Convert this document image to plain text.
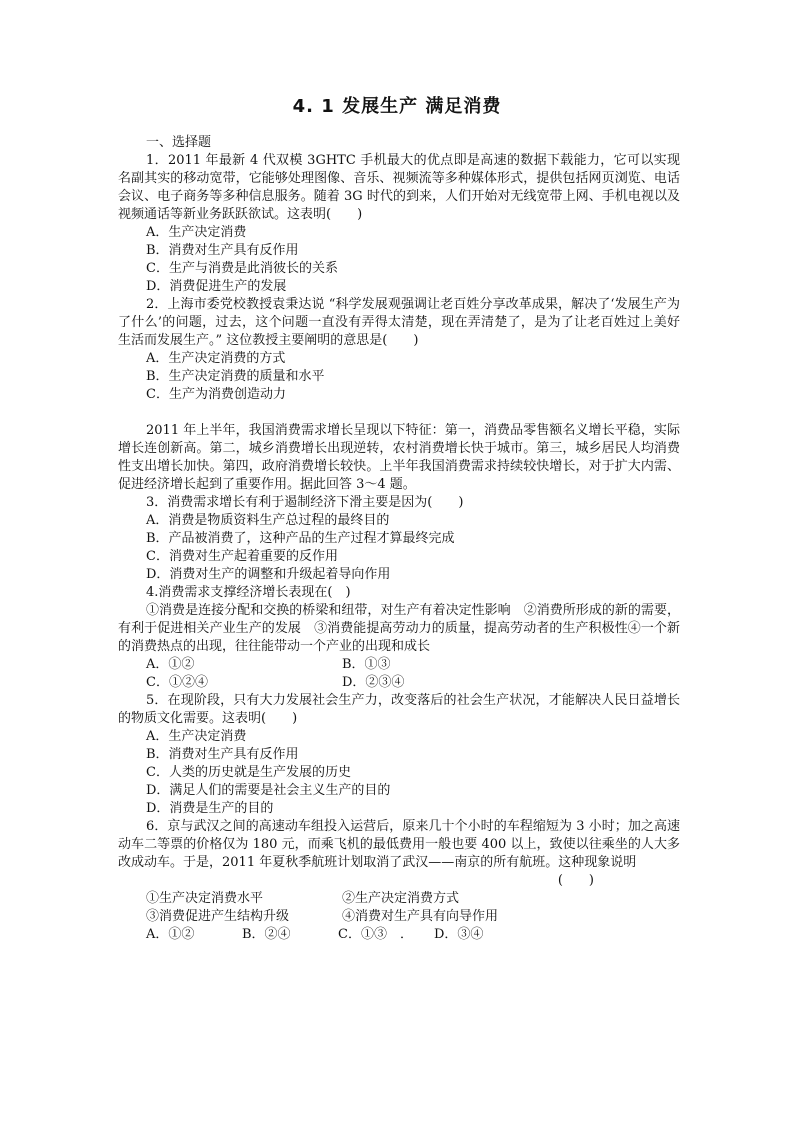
4. 1 发展生产 满足消费
一、选择题
1．2011 年最新 4 代双模 3GHTC 手机最大的优点即是高速的数据下载能力，它可以实现名副其实的移动宽带，它能够处理图像、音乐、视频流等多种媒体形式，提供包括网页浏览、电话会议、电子商务等多种信息服务。随着 3G 时代的到来，人们开始对无线宽带上网、手机电视以及视频通话等新业务跃跃欲试。这表明(　　)
A．生产决定消费
B．消费对生产具有反作用
C．生产与消费是此消彼长的关系
D．消费促进生产的发展
2．上海市委党校教授袁秉达说 “科学发展观强调让老百姓分享改革成果，解决了‘发展生产为了什么’的问题，过去，这个问题一直没有弄得太清楚，现在弄清楚了，是为了让老百姓过上美好生活而发展生产。” 这位教授主要阐明的意思是(　　)
A．生产决定消费的方式
B．生产决定消费的质量和水平
C．生产为消费创造动力
2011 年上半年，我国消费需求增长呈现以下特征：第一，消费品零售额名义增长平稳，实际增长连创新高。第二，城乡消费增长出现逆转，农村消费增长快于城市。第三，城乡居民人均消费性支出增长加快。第四，政府消费增长较快。上半年我国消费需求持续较快增长，对于扩大内需、促进经济增长起到了重要作用。据此回答 3～4 题。
3．消费需求增长有利于遏制经济下滑主要是因为(　　)
A．消费是物质资料生产总过程的最终目的
B．产品被消费了，这种产品的生产过程才算最终完成
C．消费对生产起着重要的反作用
D．消费对生产的调整和升级起着导向作用
4.消费需求支撑经济增长表现在(　)
①消费是连接分配和交换的桥梁和纽带，对生产有着决定性影响　②消费所形成的新的需要，有利于促进相关产业生产的发展　③消费能提高劳动力的质量，提高劳动者的生产积极性④一个新的消费热点的出现，往往能带动一个产业的出现和成长
A．①②	B．①③
C．①②④	D．②③④
5．在现阶段，只有大力发展社会生产力，改变落后的社会生产状况，才能解决人民日益增长的物质文化需要。这表明(　　)
A．生产决定消费
B．消费对生产具有反作用
C．人类的历史就是生产发展的历史
D．满足人们的需要是社会主义生产的目的
D．消费是生产的目的
6．京与武汉之间的高速动车组投入运营后，原来几十个小时的车程缩短为 3 小时；加之高速动车二等票的价格仅为 180 元，而乘飞机的最低费用一般也要 400 以上，致使以往乘坐的人大多改成动车。于是，2011 年夏秋季航班计划取消了武汉——南京的所有航班。这种现象说明
(　　)
①生产决定消费水平	②生产决定消费方式
③消费促进产生结构升级	④消费对生产具有向导作用
A．①②	B．②④	C．①③　．	D．③④
